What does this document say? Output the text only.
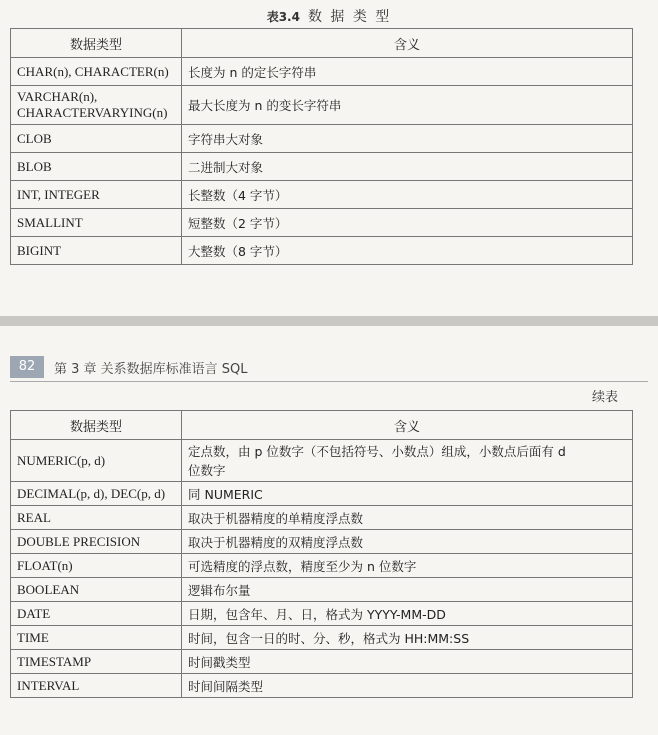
表3.4 数 据 类 型
数据类型	含义
CHAR(n), CHARACTER(n)	长度为 n 的定长字符串
VARCHAR(n), CHARACTERVARYING(n)	最大长度为 n 的变长字符串
CLOB	字符串大对象
BLOB	二进制大对象
INT, INTEGER	长整数（4 字节）
SMALLINT	短整数（2 字节）
BIGINT	大整数（8 字节）
82	第 3 章 关系数据库标准语言 SQL
续表
数据类型	含义
NUMERIC(p, d)	定点数，由 p 位数字（不包括符号、小数点）组成，小数点后面有 d
位数字

DECIMAL(p, d), DEC(p, d)	同 NUMERIC
REAL	取决于机器精度的单精度浮点数
DOUBLE PRECISION	取决于机器精度的双精度浮点数
FLOAT(n)	可选精度的浮点数，精度至少为 n 位数字
BOOLEAN	逻辑布尔量
DATE	日期，包含年、月、日，格式为 YYYY-MM-DD
TIME	时间，包含一日的时、分、秒，格式为 HH:MM:SS
TIMESTAMP	时间戳类型
INTERVAL	时间间隔类型
